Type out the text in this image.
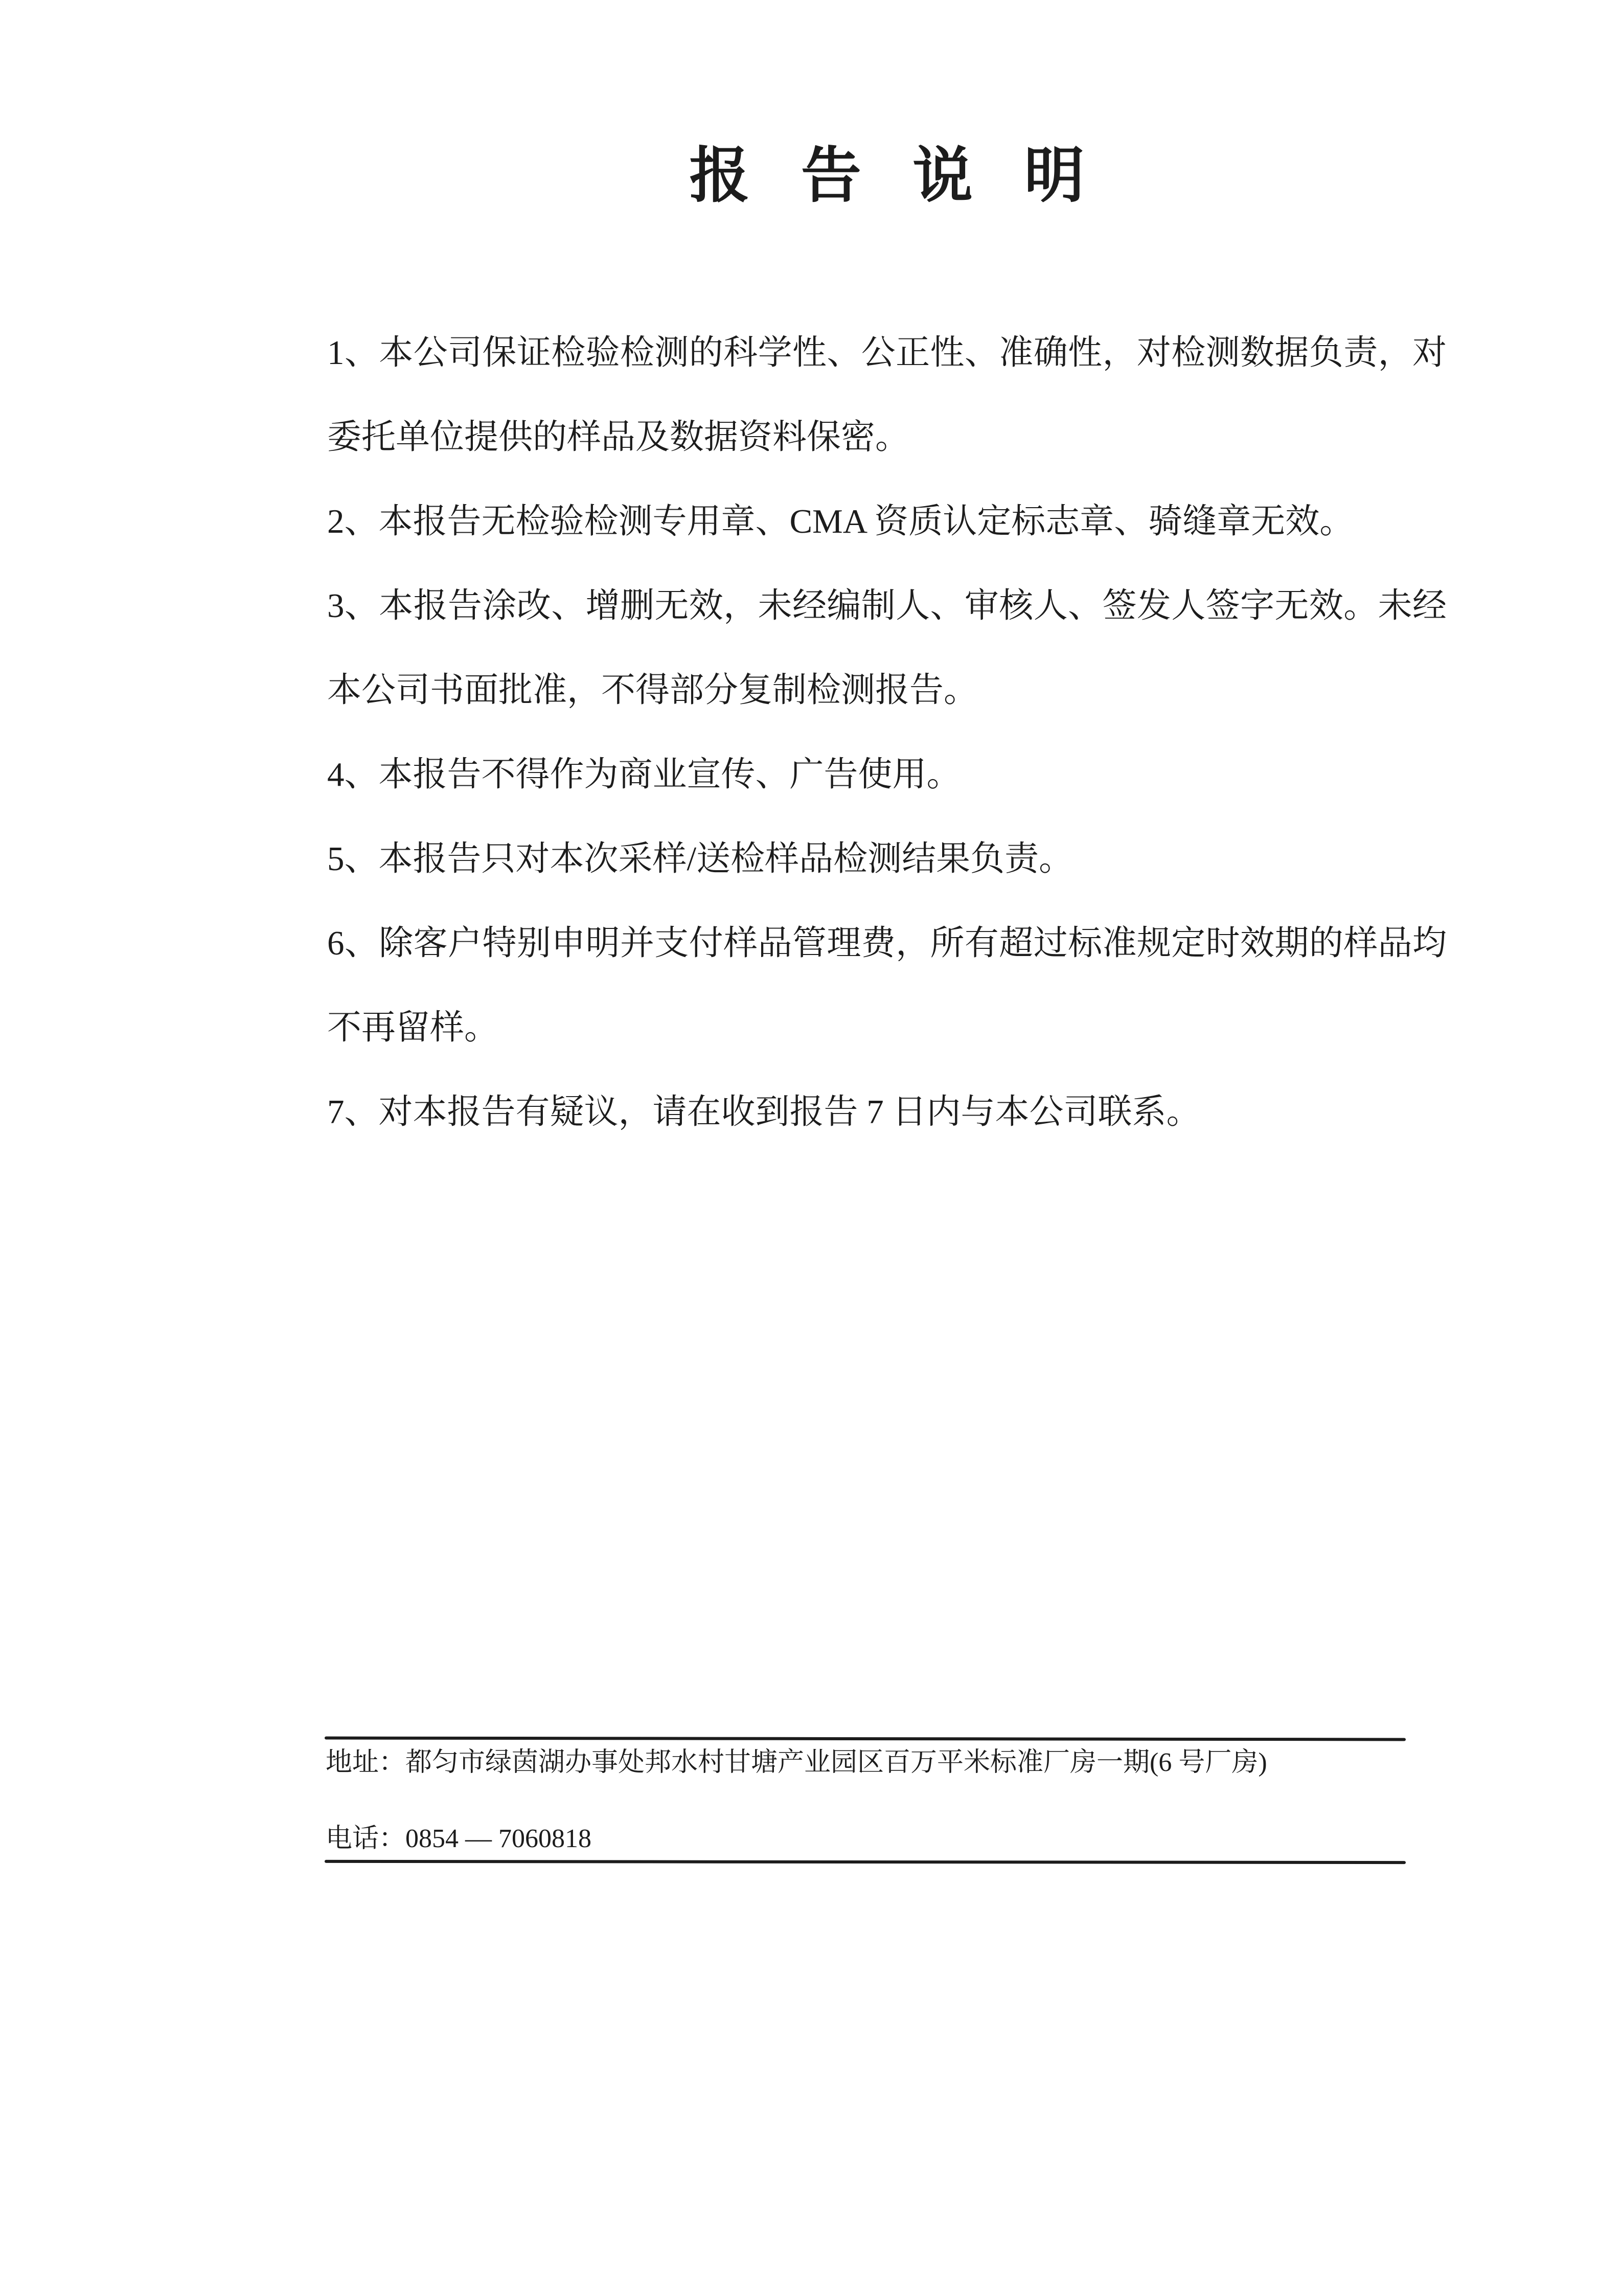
报告说明
1、本公司保证检验检测的科学性、公正性、准确性，对检测数据负责，对
委托单位提供的样品及数据资料保密。
2、本报告无检验检测专用章、CMA 资质认定标志章、骑缝章无效。
3、本报告涂改、增删无效，未经编制人、审核人、签发人签字无效。未经
本公司书面批准，不得部分复制检测报告。
4、本报告不得作为商业宣传、广告使用。
5、本报告只对本次采样/送检样品检测结果负责。
6、除客户特别申明并支付样品管理费，所有超过标准规定时效期的样品均
不再留样。
7、对本报告有疑议，请在收到报告 7 日内与本公司联系。
地址：都匀市绿茵湖办事处邦水村甘塘产业园区百万平米标准厂房一期(6 号厂房)
电话：0854 — 7060818
